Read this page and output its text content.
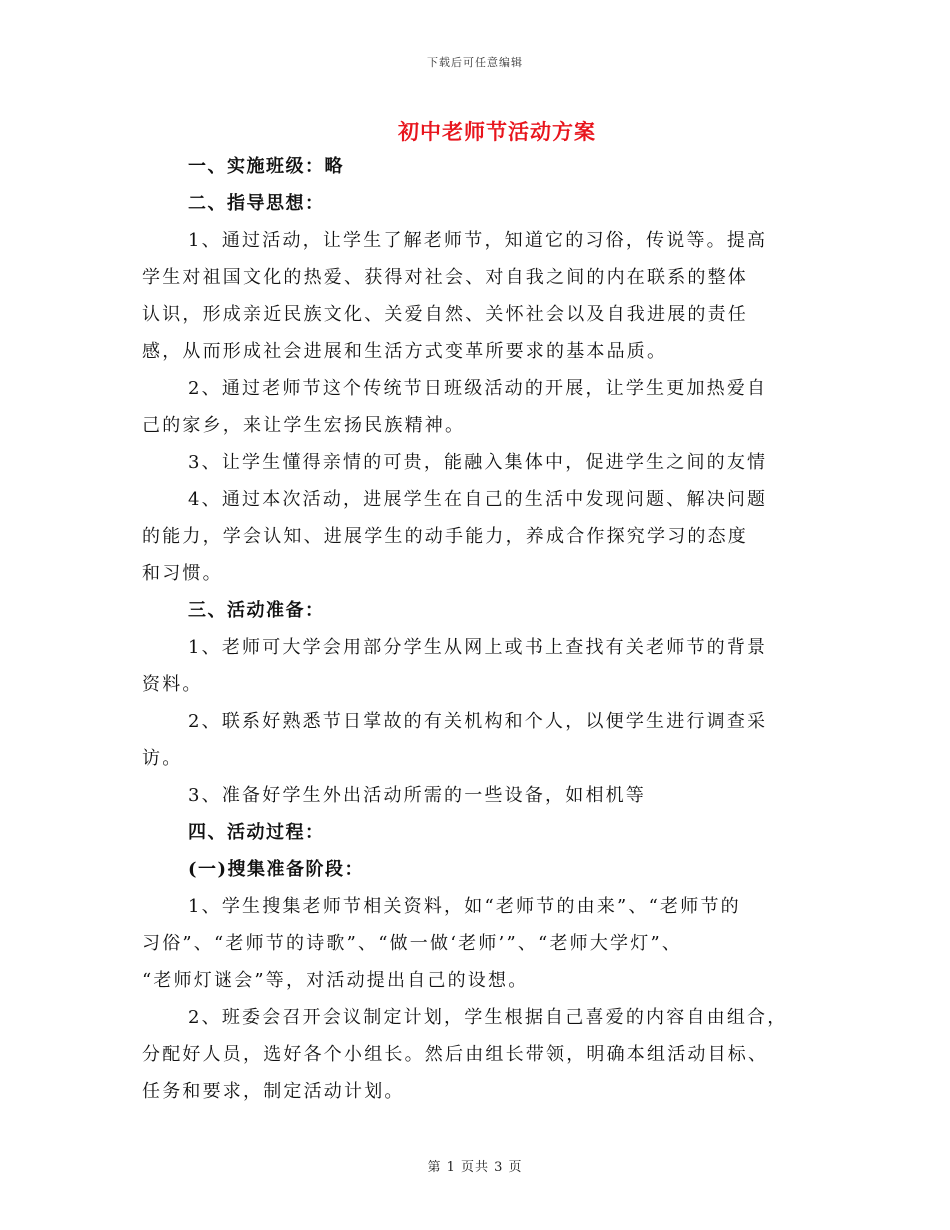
下载后可任意编辑
初中老师节活动方案
一、实施班级：略
二、指导思想：
1、通过活动，让学生了解老师节，知道它的习俗，传说等。提高
学生对祖国文化的热爱、获得对社会、对自我之间的内在联系的整体
认识，形成亲近民族文化、关爱自然、关怀社会以及自我进展的责任
感，从而形成社会进展和生活方式变革所要求的基本品质。
2、通过老师节这个传统节日班级活动的开展，让学生更加热爱自
己的家乡，来让学生宏扬民族精神。
3、让学生懂得亲情的可贵，能融入集体中，促进学生之间的友情
4、通过本次活动，进展学生在自己的生活中发现问题、解决问题
的能力，学会认知、进展学生的动手能力，养成合作探究学习的态度
和习惯。
三、活动准备：
1、老师可大学会用部分学生从网上或书上查找有关老师节的背景
资料。
2、联系好熟悉节日掌故的有关机构和个人，以便学生进行调查采
访。
3、准备好学生外出活动所需的一些设备，如相机等
四、活动过程：
(一)搜集准备阶段：
1、学生搜集老师节相关资料，如“老师节的由来”、“老师节的
习俗”、“老师节的诗歌”、“做一做‘老师’”、“老师大学灯”、
“老师灯谜会”等，对活动提出自己的设想。
2、班委会召开会议制定计划，学生根据自己喜爱的内容自由组合，
分配好人员，选好各个小组长。然后由组长带领，明确本组活动目标、
任务和要求，制定活动计划。
第 1 页共 3 页
